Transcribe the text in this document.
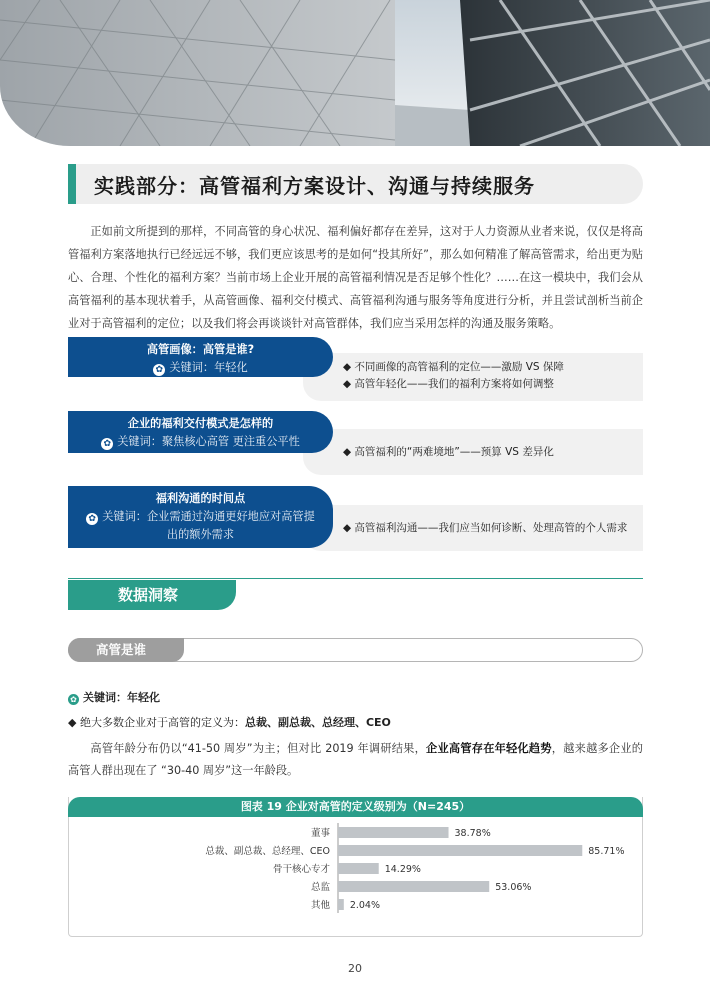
实践部分：高管福利方案设计、沟通与持续服务

正如前文所提到的那样，不同高管的身心状况、福利偏好都存在差异，这对于人力资源从业者来说，仅仅是将高管福利方案落地执行已经远远不够，我们更应该思考的是如何“投其所好”，那么如何精准了解高管需求，给出更为贴心、合理、个性化的福利方案？当前市场上企业开展的高管福利情况是否足够个性化？……在这一模块中，我们会从高管福利的基本现状着手，从高管画像、福利交付模式、高管福利沟通与服务等角度进行分析，并且尝试剖析当前企业对于高管福利的定位；以及我们将会再谈谈针对高管群体，我们应当采用怎样的沟通及服务策略。

高管画像：高管是谁?
✿ 关键词：年轻化	◆ 不同画像的高管福利的定位——激励 VS 保障
◆ 高管年轻化——我们的福利方案将如何调整
企业的福利交付模式是怎样的
✿ 关键词：聚焦核心高管 更注重公平性
◆ 高管福利的“两难境地”——预算 VS 差异化
福利沟通的时间点
✿ 关键词：企业需通过沟通更好地应对高管提出的额外需求	◆ 高管福利沟通——我们应当如何诊断、处理高管的个人需求
数据洞察
高管是谁
✿ 关键词：年轻化
◆ 绝大多数企业对于高管的定义为：总裁、副总裁、总经理、CEO

高管年龄分布仍以“41-50 周岁”为主；但对比 2019 年调研结果，企业高管存在年轻化趋势，越来越多企业的高管人群出现在了 “30-40 周岁”这一年龄段。

图表 19 企业对高管的定义级别为（N=245）
董事	38.78%
总裁、副总裁、总经理、CEO	85.71%
骨干核心专才	14.29%
总监	53.06%
其他 2.04%
20
